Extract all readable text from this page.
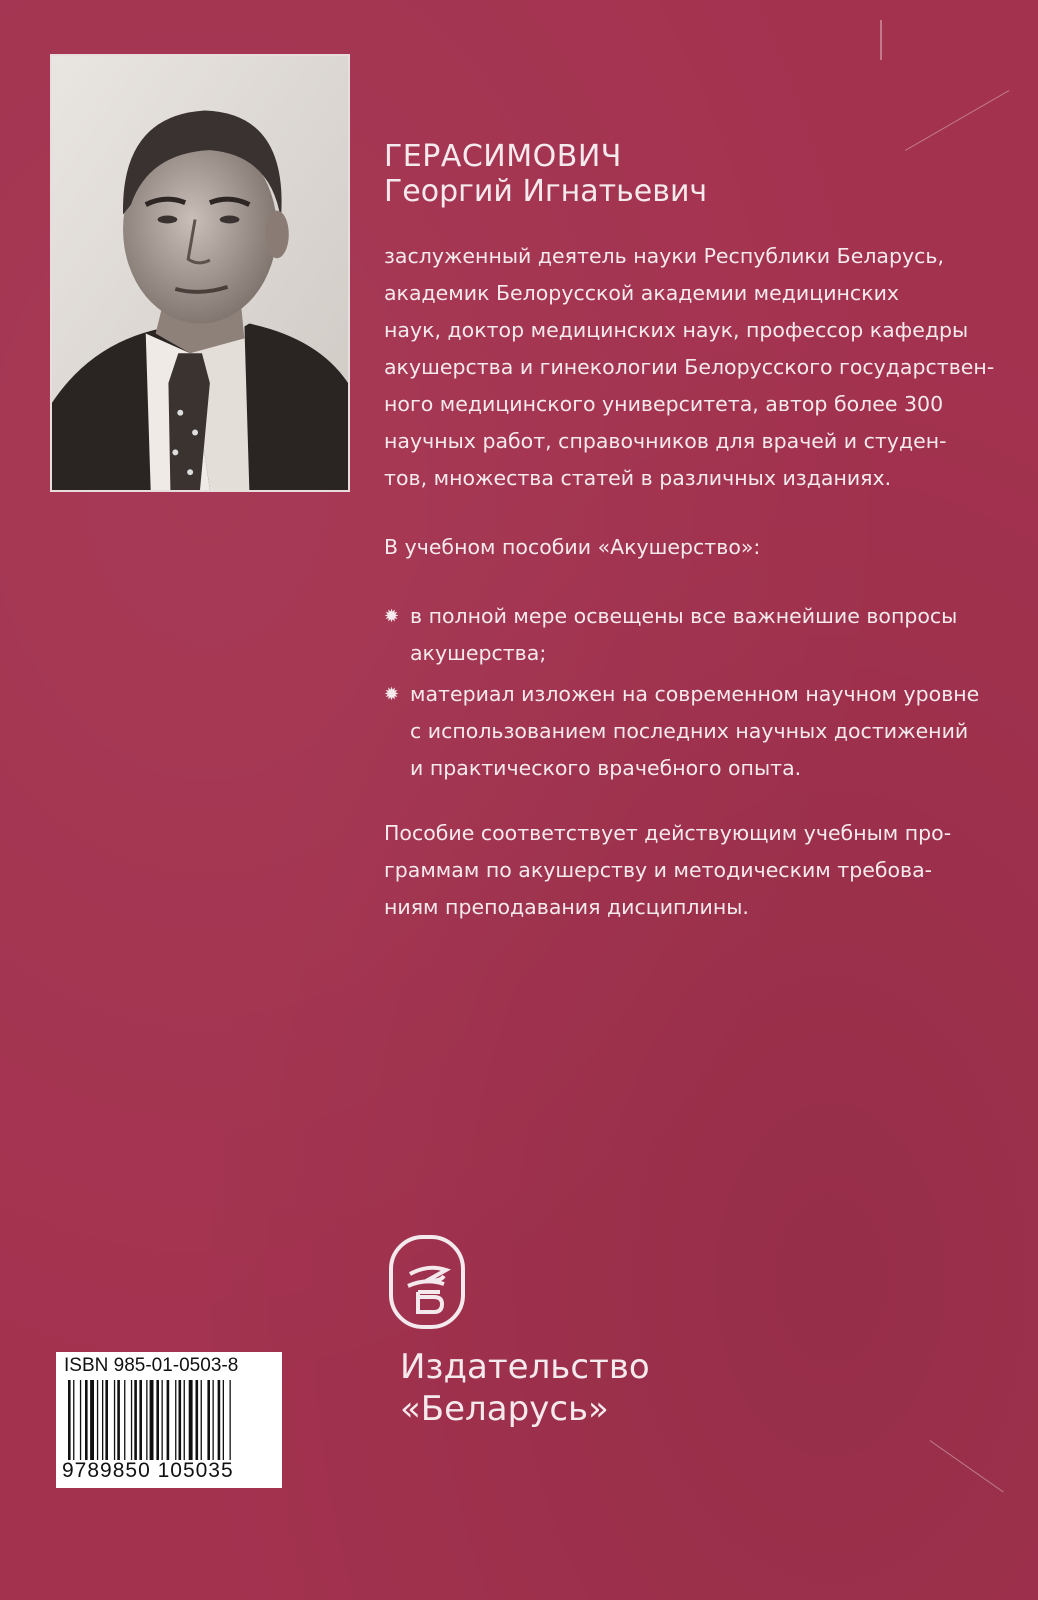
ГЕРАСИМОВИЧ
Георгий Игнатьевич
заслуженный деятель науки Республики Беларусь,
академик Белорусской академии медицинских
наук, доктор медицинских наук, профессор кафедры
акушерства и гинекологии Белорусского государствен-
ного медицинского университета, автор более 300
научных работ, справочников для врачей и студен-
тов, множества статей в различных изданиях.
В учебном пособии «Акушерство»:
✹ в полной мере освещены все важнейшие вопросы
акушерства;
✹ материал изложен на современном научном уровне
с использованием последних научных достижений
и практического врачебного опыта.
Пособие соответствует действующим учебным про-
граммам по акушерству и методическим требова-
ниям преподавания дисциплины.
Издательство
«Беларусь»
ISBN 985-01-0503-8
9789850 105035
